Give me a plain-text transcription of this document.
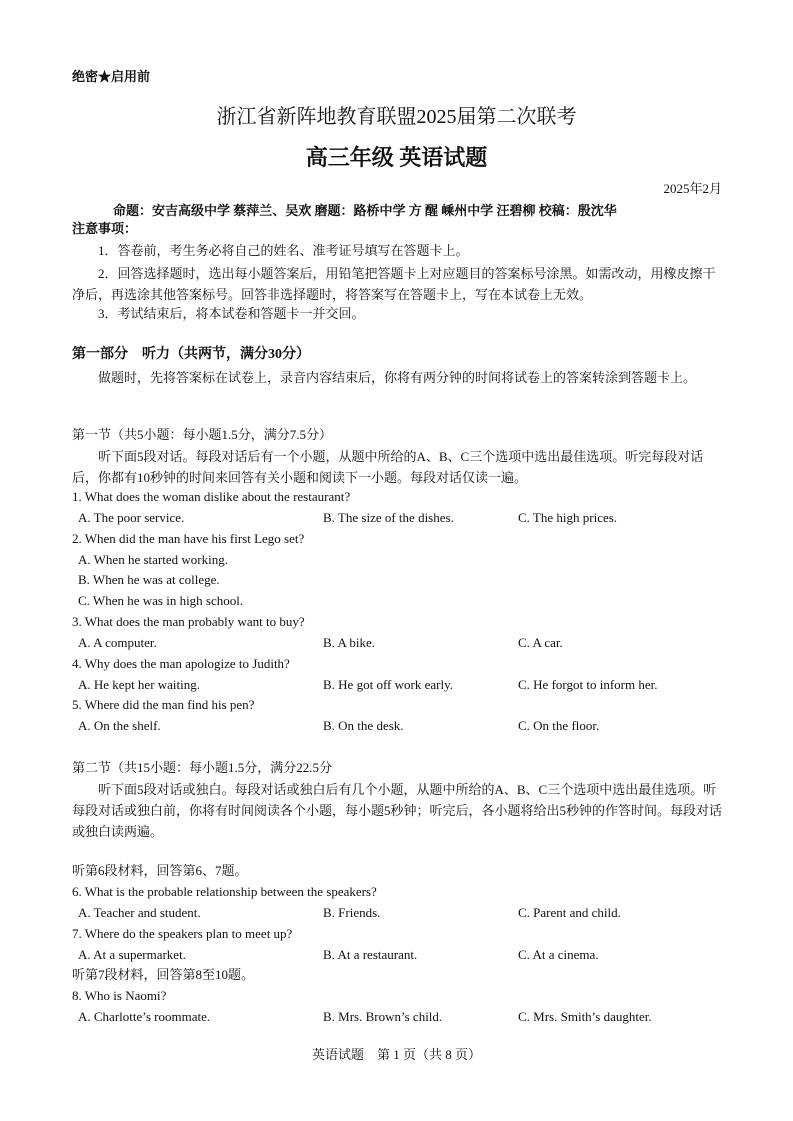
绝密★启用前
浙江省新阵地教育联盟2025届第二次联考
高三年级 英语试题
2025年2月
命题：安吉高级中学 蔡萍兰、吴欢 磨题：路桥中学 方 醒 嵊州中学 汪碧柳 校稿：殷沈华
注意事项：
1．答卷前，考生务必将自己的姓名、准考证号填写在答题卡上。
2．回答选择题时，选出每小题答案后，用铅笔把答题卡上对应题目的答案标号涂黑。如需改动，用橡皮擦干净后，再选涂其他答案标号。回答非选择题时，将答案写在答题卡上，写在本试卷上无效。
3．考试结束后，将本试卷和答题卡一并交回。
第一部分　听力（共两节，满分30分）
做题时，先将答案标在试卷上，录音内容结束后，你将有两分钟的时间将试卷上的答案转涂到答题卡上。
第一节（共5小题：每小题1.5分，满分7.5分）
听下面5段对话。每段对话后有一个小题，从题中所给的A、B、C三个选项中选出最佳选项。听完每段对话后，你都有10秒钟的时间来回答有关小题和阅读下一小题。每段对话仅读一遍。
1. What does the woman dislike about the restaurant?
A. The poor service.	B. The size of the dishes.	C. The high prices.
2. When did the man have his first Lego set?
A. When he started working.
B. When he was at college.
C. When he was in high school.
3. What does the man probably want to buy?
A. A computer.	B. A bike.	C. A car.
4. Why does the man apologize to Judith?
A. He kept her waiting.	B. He got off work early.	C. He forgot to inform her.
5. Where did the man find his pen?
A. On the shelf.	B. On the desk.	C. On the floor.
第二节（共15小题：每小题1.5分，满分22.5分
听下面5段对话或独白。每段对话或独白后有几个小题，从题中所给的A、B、C三个选项中选出最佳选项。听每段对话或独白前，你将有时间阅读各个小题，每小题5秒钟；听完后，各小题将给出5秒钟的作答时间。每段对话或独白读两遍。
听第6段材料，回答第6、7题。
6. What is the probable relationship between the speakers?
A. Teacher and student.	B. Friends.	C. Parent and child.
7. Where do the speakers plan to meet up?
A. At a supermarket.	B. At a restaurant.	C. At a cinema.
听第7段材料，回答第8至10题。
8. Who is Naomi?
A. Charlotte’s roommate.	B. Mrs. Brown’s child.	C. Mrs. Smith’s daughter.
英语试题　第 1 页（共 8 页）
